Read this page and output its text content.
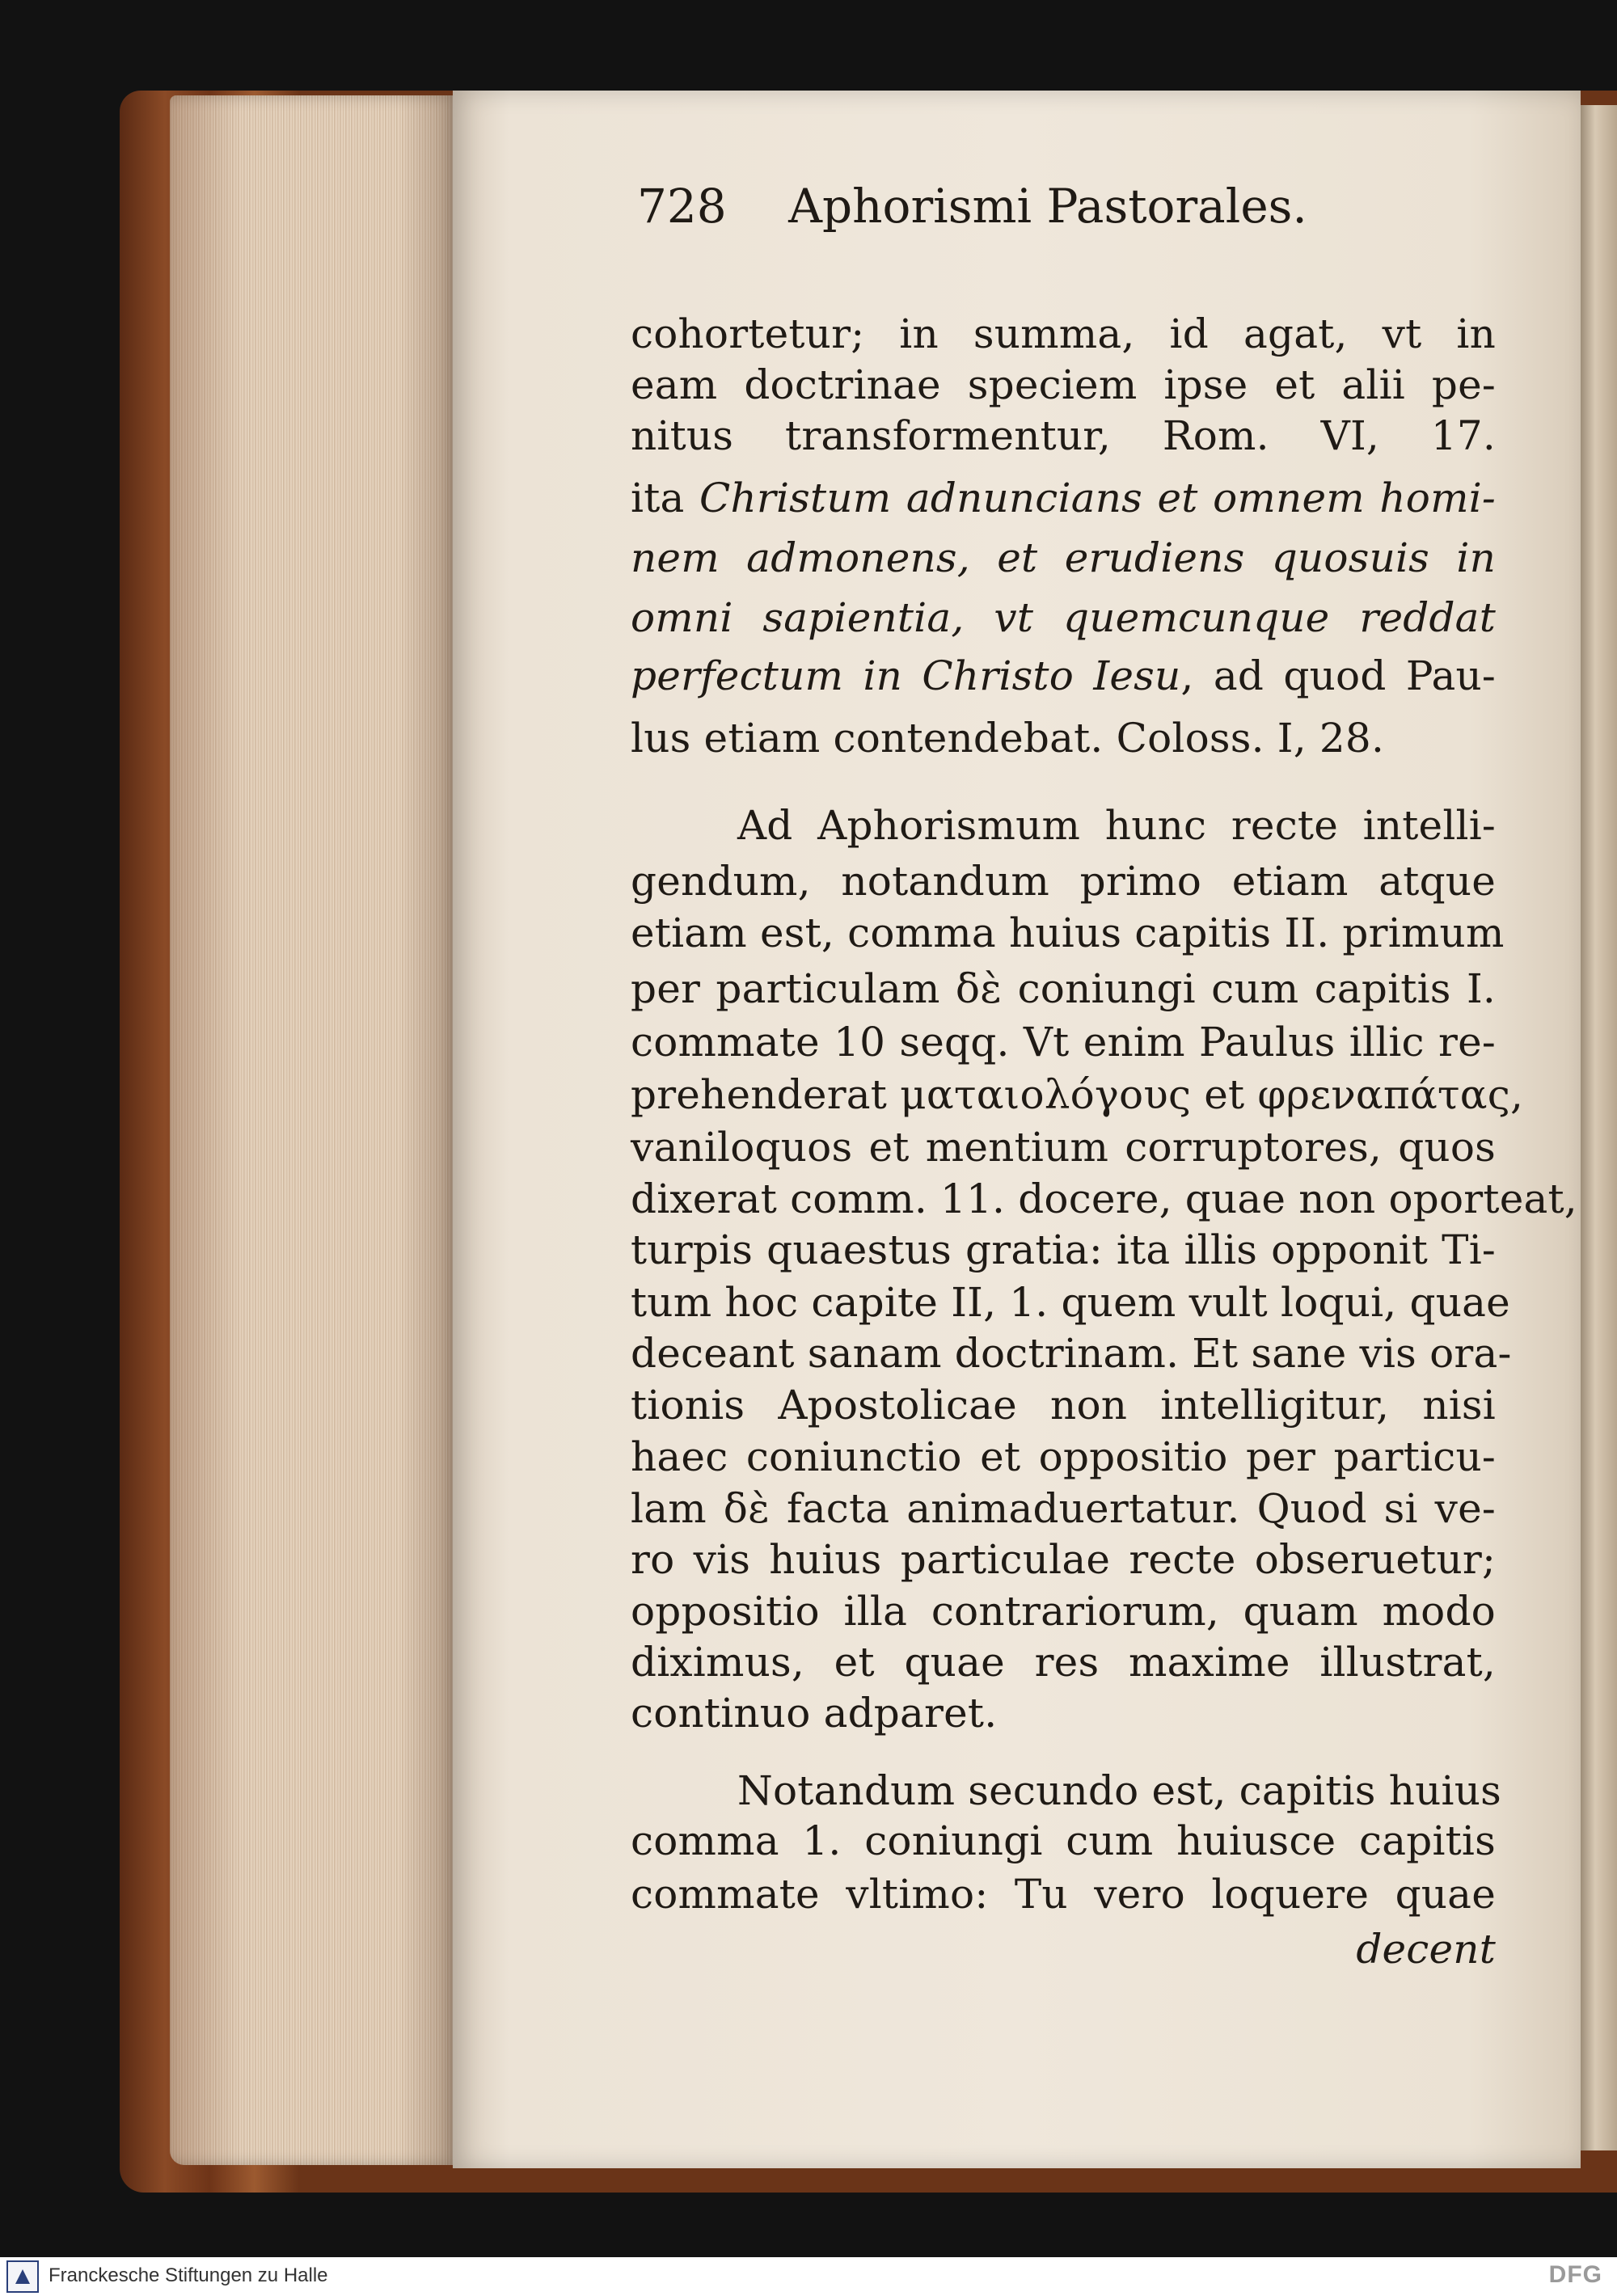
728 Aphorismi Pastorales.
cohortetur; in summa, id agat, vt in
eam doctrinae speciem ipse et alii pe-
nitus transformentur, Rom. VI, 17.
ita Christum adnuncians et omnem homi-
nem admonens, et erudiens quosuis in
omni sapientia, vt quemcunque reddat
perfectum in Christo Iesu, ad quod Pau-
lus etiam contendebat. Coloss. I, 28.
Ad Aphorismum hunc recte intelli-
gendum, notandum primo etiam atque
etiam est, comma huius capitis II. primum
per particulam δὲ coniungi cum capitis I.
commate 10 seqq. Vt enim Paulus illic re-
prehenderat ματαιολόγους et φρεναπάτας,
vaniloquos et mentium corruptores, quos
dixerat comm. 11. docere, quae non oporteat,
turpis quaestus gratia: ita illis opponit Ti-
tum hoc capite II, 1. quem vult loqui, quae
deceant sanam doctrinam. Et sane vis ora-
tionis Apostolicae non intelligitur, nisi
haec coniunctio et oppositio per particu-
lam δὲ facta animaduertatur. Quod si ve-
ro vis huius particulae recte obseruetur;
oppositio illa contrariorum, quam modo
diximus, et quae res maxime illustrat,
continuo adparet.
Notandum secundo est, capitis huius
comma 1. coniungi cum huiusce capitis
commate vltimo: Tu vero loquere quae
decent
Franckesche Stiftungen zu Halle	DFG
